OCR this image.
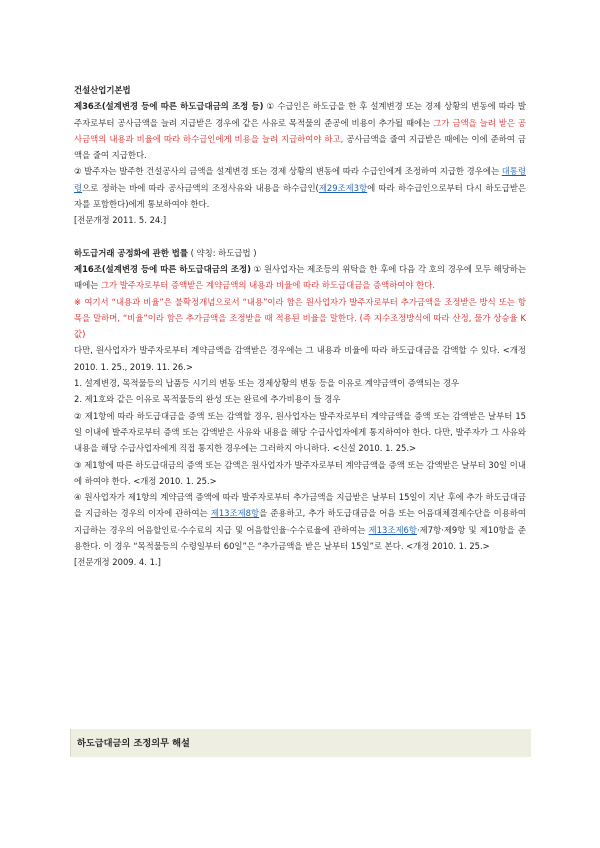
건설산업기본법

제36조(설계변경 등에 따른 하도급대금의 조정 등) ① 수급인은 하도급을 한 후 설계변경 또는 경제 상황의 변동에 따라 발주자로부터 공사금액을 늘려 지급받은 경우에 같은 사유로 목적물의 준공에 비용이 추가될 때에는 그가 금액을 늘려 받은 공사금액의 내용과 비율에 따라 하수급인에게 비용을 늘려 지급하여야 하고, 공사금액을 줄여 지급받은 때에는 이에 준하여 금액을 줄여 지급한다.

② 발주자는 발주한 건설공사의 금액을 설계변경 또는 경제 상황의 변동에 따라 수급인에게 조정하여 지급한 경우에는 대통령령으로 정하는 바에 따라 공사금액의 조정사유와 내용을 하수급인(제29조제3항에 따라 하수급인으로부터 다시 하도급받은 자를 포함한다)에게 통보하여야 한다.

[전문개정 2011. 5. 24.]

하도급거래 공정화에 관한 법률 ( 약칭: 하도급법 )

제16조(설계변경 등에 따른 하도급대금의 조정) ① 원사업자는 제조등의 위탁을 한 후에 다음 각 호의 경우에 모두 해당하는 때에는 그가 발주자로부터 증액받은 계약금액의 내용과 비율에 따라 하도급대금을 증액하여야 한다.

※ 여기서 “내용과 비율”은 불확정개념으로서 “내용”이라 함은 원사업자가 발주자로부터 추가금액을 조정받은 방식 또는 항목을 말하며, “비율”이라 함은 추가금액을 조정받을 때 적용된 비율을 말한다. (즉 지수조정방식에 따라 산정, 물가 상승율 K값)

다만, 원사업자가 발주자로부터 계약금액을 감액받은 경우에는 그 내용과 비율에 따라 하도급대금을 감액할 수 있다. <개정 2010. 1. 25., 2019. 11. 26.>

1. 설계변경, 목적물등의 납품등 시기의 변동 또는 경제상황의 변동 등을 이유로 계약금액이 증액되는 경우

2. 제1호와 같은 이유로 목적물등의 완성 또는 완료에 추가비용이 들 경우

② 제1항에 따라 하도급대금을 증액 또는 감액할 경우, 원사업자는 발주자로부터 계약금액을 증액 또는 감액받은 날부터 15일 이내에 발주자로부터 증액 또는 감액받은 사유와 내용을 해당 수급사업자에게 통지하여야 한다. 다만, 발주자가 그 사유와 내용을 해당 수급사업자에게 직접 통지한 경우에는 그러하지 아니하다. <신설 2010. 1. 25.>

③ 제1항에 따른 하도급대금의 증액 또는 감액은 원사업자가 발주자로부터 계약금액을 증액 또는 감액받은 날부터 30일 이내에 하여야 한다. <개정 2010. 1. 25.>

④ 원사업자가 제1항의 계약금액 증액에 따라 발주자로부터 추가금액을 지급받은 날부터 15일이 지난 후에 추가 하도급대금을 지급하는 경우의 이자에 관하여는 제13조제8항을 준용하고, 추가 하도급대금을 어음 또는 어음대체결제수단을 이용하여 지급하는 경우의 어음할인료·수수료의 지급 및 어음할인율·수수료율에 관하여는 제13조제6항·제7항·제9항 및 제10항을 준용한다. 이 경우 “목적물등의 수령일부터 60일”은 “추가금액을 받은 날부터 15일”로 본다. <개정 2010. 1. 25.>

[전문개정 2009. 4. 1.]

하도급대금의 조정의무 해설
